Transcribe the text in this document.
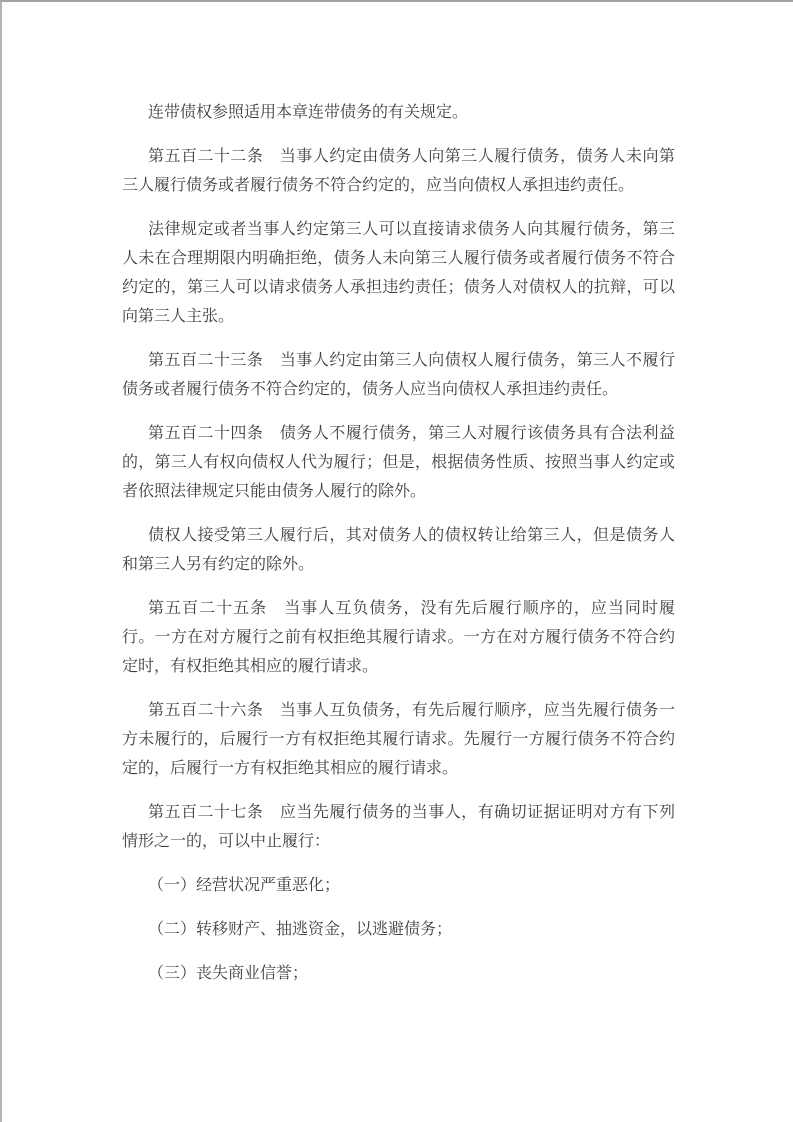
连带债权参照适用本章连带债务的有关规定。

第五百二十二条　当事人约定由债务人向第三人履行债务，债务人未向第三人履行债务或者履行债务不符合约定的，应当向债权人承担违约责任。

法律规定或者当事人约定第三人可以直接请求债务人向其履行债务，第三人未在合理期限内明确拒绝，债务人未向第三人履行债务或者履行债务不符合约定的，第三人可以请求债务人承担违约责任；债务人对债权人的抗辩，可以向第三人主张。

第五百二十三条　当事人约定由第三人向债权人履行债务，第三人不履行债务或者履行债务不符合约定的，债务人应当向债权人承担违约责任。

第五百二十四条　债务人不履行债务，第三人对履行该债务具有合法利益的，第三人有权向债权人代为履行；但是，根据债务性质、按照当事人约定或者依照法律规定只能由债务人履行的除外。

债权人接受第三人履行后，其对债务人的债权转让给第三人，但是债务人和第三人另有约定的除外。

第五百二十五条　当事人互负债务，没有先后履行顺序的，应当同时履行。一方在对方履行之前有权拒绝其履行请求。一方在对方履行债务不符合约定时，有权拒绝其相应的履行请求。

第五百二十六条　当事人互负债务，有先后履行顺序，应当先履行债务一方未履行的，后履行一方有权拒绝其履行请求。先履行一方履行债务不符合约定的，后履行一方有权拒绝其相应的履行请求。

第五百二十七条　应当先履行债务的当事人，有确切证据证明对方有下列情形之一的，可以中止履行：

（一）经营状况严重恶化；

（二）转移财产、抽逃资金，以逃避债务；

（三）丧失商业信誉；
